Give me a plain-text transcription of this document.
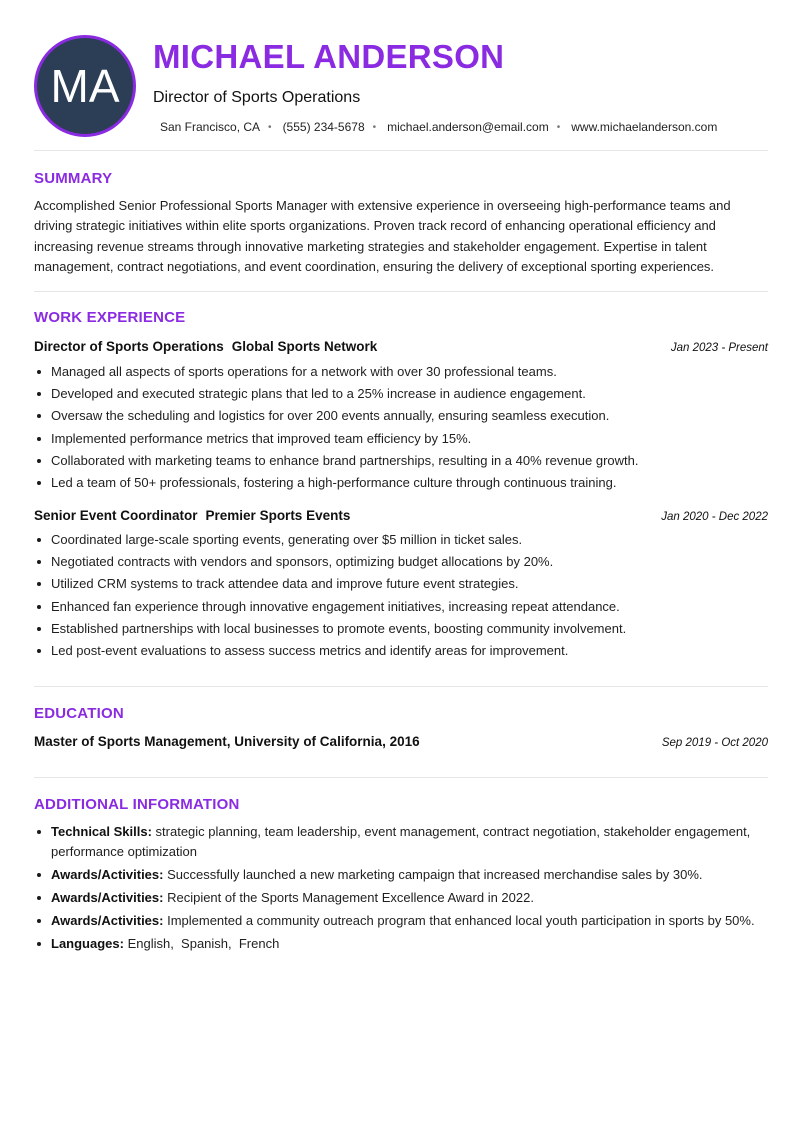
MA
MICHAEL ANDERSON
Director of Sports Operations
San Francisco, CA • (555) 234-5678 • michael.anderson@email.com • www.michaelanderson.com
SUMMARY

Accomplished Senior Professional Sports Manager with extensive experience in overseeing high-performance teams and driving strategic initiatives within elite sports organizations. Proven track record of enhancing operational efficiency and increasing revenue streams through innovative marketing strategies and stakeholder engagement. Expertise in talent management, contract negotiations, and event coordination, ensuring the delivery of exceptional sporting experiences.

WORK EXPERIENCE
Director of Sports Operations Global Sports Network	Jan 2023 - Present
Managed all aspects of sports operations for a network with over 30 professional teams.
Developed and executed strategic plans that led to a 25% increase in audience engagement.
Oversaw the scheduling and logistics for over 200 events annually, ensuring seamless execution.
Implemented performance metrics that improved team efficiency by 15%.
Collaborated with marketing teams to enhance brand partnerships, resulting in a 40% revenue growth.
Led a team of 50+ professionals, fostering a high-performance culture through continuous training.
Senior Event Coordinator Premier Sports Events	Jan 2020 - Dec 2022
Coordinated large-scale sporting events, generating over $5 million in ticket sales.
Negotiated contracts with vendors and sponsors, optimizing budget allocations by 20%.
Utilized CRM systems to track attendee data and improve future event strategies.
Enhanced fan experience through innovative engagement initiatives, increasing repeat attendance.
Established partnerships with local businesses to promote events, boosting community involvement.
Led post-event evaluations to assess success metrics and identify areas for improvement.
EDUCATION
Master of Sports Management, University of California, 2016	Sep 2019 - Oct 2020
ADDITIONAL INFORMATION
Technical Skills: strategic planning, team leadership, event management, contract negotiation, stakeholder engagement, performance optimization
Awards/Activities: Successfully launched a new marketing campaign that increased merchandise sales by 30%.
Awards/Activities: Recipient of the Sports Management Excellence Award in 2022.
Awards/Activities: Implemented a community outreach program that enhanced local youth participation in sports by 50%.
Languages: English,  Spanish,  French
